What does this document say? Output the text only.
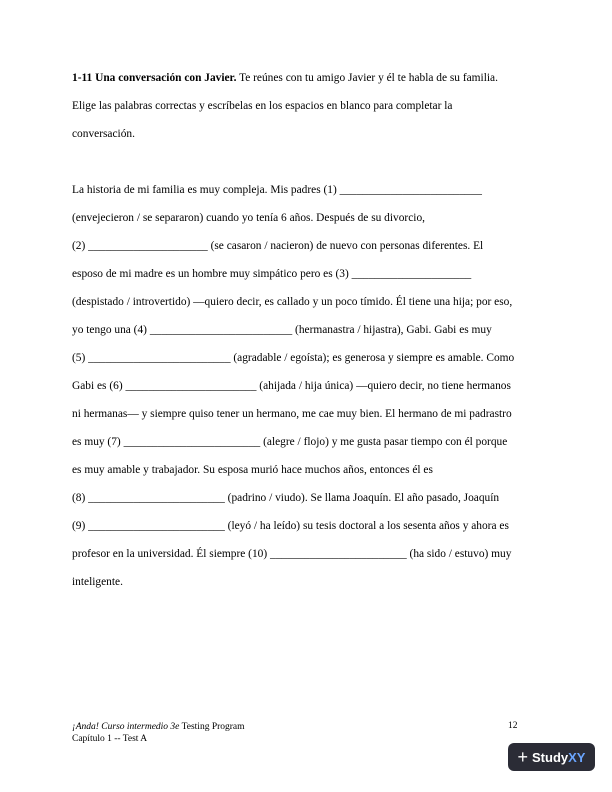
1-11 Una conversación con Javier. Te reúnes con tu amigo Javier y él te habla de su familia.
Elige las palabras correctas y escríbelas en los espacios en blanco para completar la
conversación.
La historia de mi familia es muy compleja. Mis padres (1) _________________________
(envejecieron / se separaron) cuando yo tenía 6 años. Después de su divorcio,
(2) _____________________ (se casaron / nacieron) de nuevo con personas diferentes. El
esposo de mi madre es un hombre muy simpático pero es (3) _____________________
(despistado / introvertido) —quiero decir, es callado y un poco tímido. Él tiene una hija; por eso,
yo tengo una (4) _________________________ (hermanastra / hijastra), Gabi. Gabi es muy
(5) _________________________ (agradable / egoísta); es generosa y siempre es amable. Como
Gabi es (6) _______________________ (ahijada / hija única) —quiero decir, no tiene hermanos
ni hermanas— y siempre quiso tener un hermano, me cae muy bien. El hermano de mi padrastro
es muy (7) ________________________ (alegre / flojo) y me gusta pasar tiempo con él porque
es muy amable y trabajador. Su esposa murió hace muchos años, entonces él es
(8) ________________________ (padrino / viudo). Se llama Joaquín. El año pasado, Joaquín
(9) ________________________ (leyó / ha leído) su tesis doctoral a los sesenta años y ahora es
profesor en la universidad. Él siempre (10) ________________________ (ha sido / estuvo) muy
inteligente.
¡Anda! Curso intermedio 3e Testing Program
Capítulo 1 -- Test A
12
+ StudyXY
